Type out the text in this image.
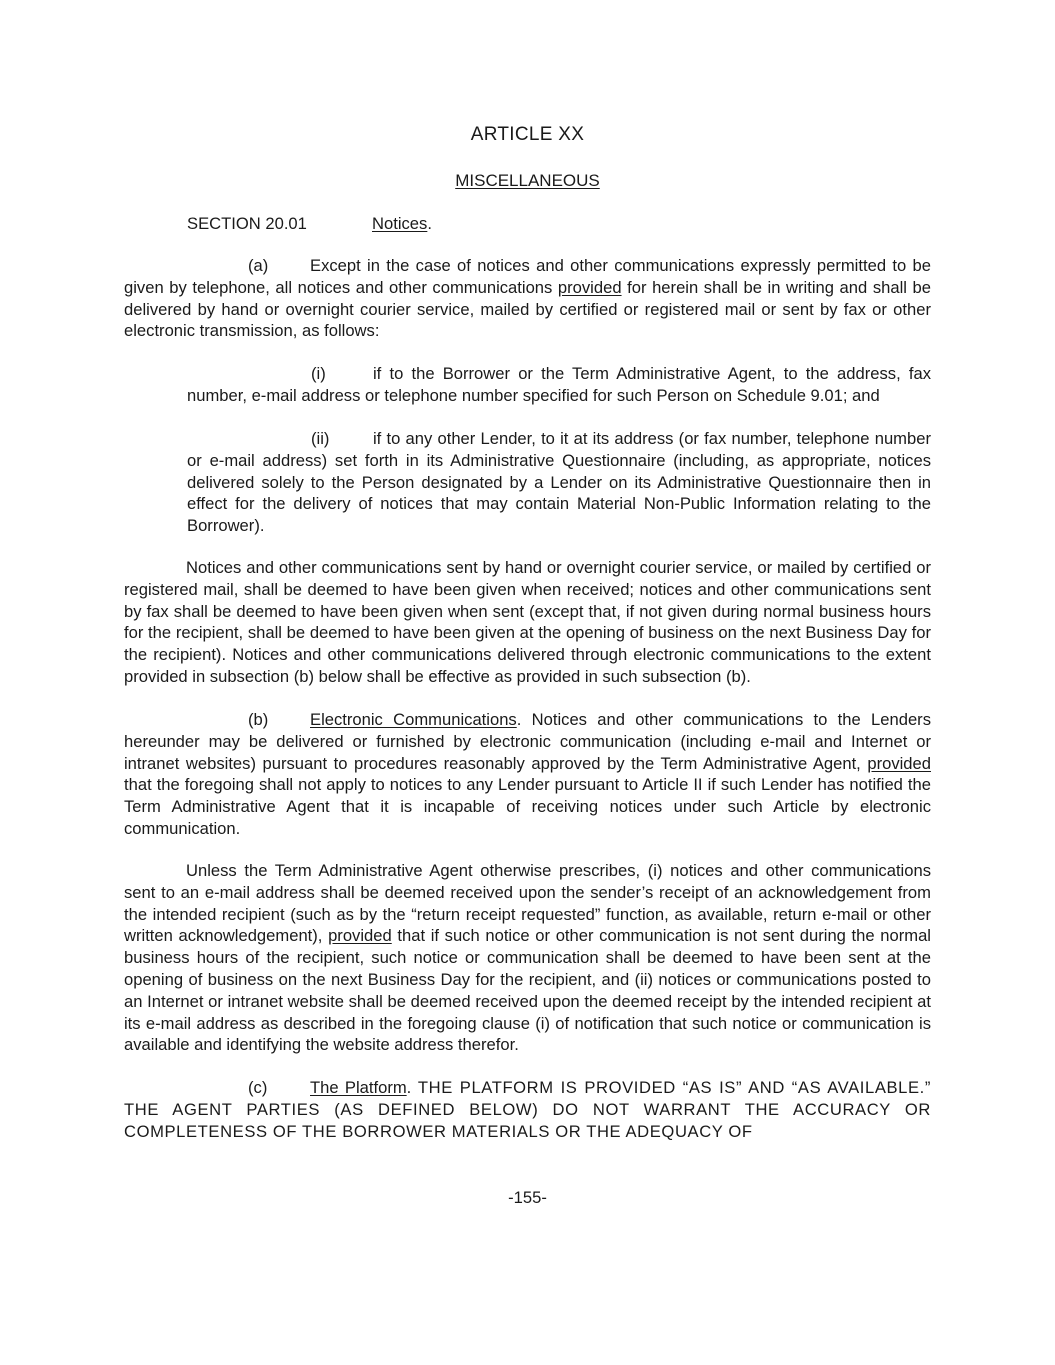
ARTICLE XX
MISCELLANEOUS
SECTION 20.01	Notices.

(a)	Except in the case of notices and other communications expressly permitted to be given by telephone, all notices and other communications provided for herein shall be in writing and shall be delivered by hand or overnight courier service, mailed by certified or registered mail or sent by fax or other electronic transmission, as follows:

(i)	if to the Borrower or the Term Administrative Agent, to the address, fax number, e-mail address or telephone number specified for such Person on Schedule 9.01; and

(ii)	if to any other Lender, to it at its address (or fax number, telephone number or e-mail address) set forth in its Administrative Questionnaire (including, as appropriate, notices delivered solely to the Person designated by a Lender on its Administrative Questionnaire then in effect for the delivery of notices that may contain Material Non-Public Information relating to the Borrower).

Notices and other communications sent by hand or overnight courier service, or mailed by certified or registered mail, shall be deemed to have been given when received; notices and other communications sent by fax shall be deemed to have been given when sent (except that, if not given during normal business hours for the recipient, shall be deemed to have been given at the opening of business on the next Business Day for the recipient). Notices and other communications delivered through electronic communications to the extent provided in subsection (b) below shall be effective as provided in such subsection (b).

(b)	Electronic Communications. Notices and other communications to the Lenders hereunder may be delivered or furnished by electronic communication (including e-mail and Internet or intranet websites) pursuant to procedures reasonably approved by the Term Administrative Agent, provided that the foregoing shall not apply to notices to any Lender pursuant to Article II if such Lender has notified the Term Administrative Agent that it is incapable of receiving notices under such Article by electronic communication.

Unless the Term Administrative Agent otherwise prescribes, (i) notices and other communications sent to an e-mail address shall be deemed received upon the sender’s receipt of an acknowledgement from the intended recipient (such as by the “return receipt requested” function, as available, return e-mail or other written acknowledgement), provided that if such notice or other communication is not sent during the normal business hours of the recipient, such notice or communication shall be deemed to have been sent at the opening of business on the next Business Day for the recipient, and (ii) notices or communications posted to an Internet or intranet website shall be deemed received upon the deemed receipt by the intended recipient at its e-mail address as described in the foregoing clause (i) of notification that such notice or communication is available and identifying the website address therefor.

(c)	The Platform. THE PLATFORM IS PROVIDED “AS IS” AND “AS AVAILABLE.” THE AGENT PARTIES (AS DEFINED BELOW) DO NOT WARRANT THE ACCURACY OR COMPLETENESS OF THE BORROWER MATERIALS OR THE ADEQUACY OF

-155-
